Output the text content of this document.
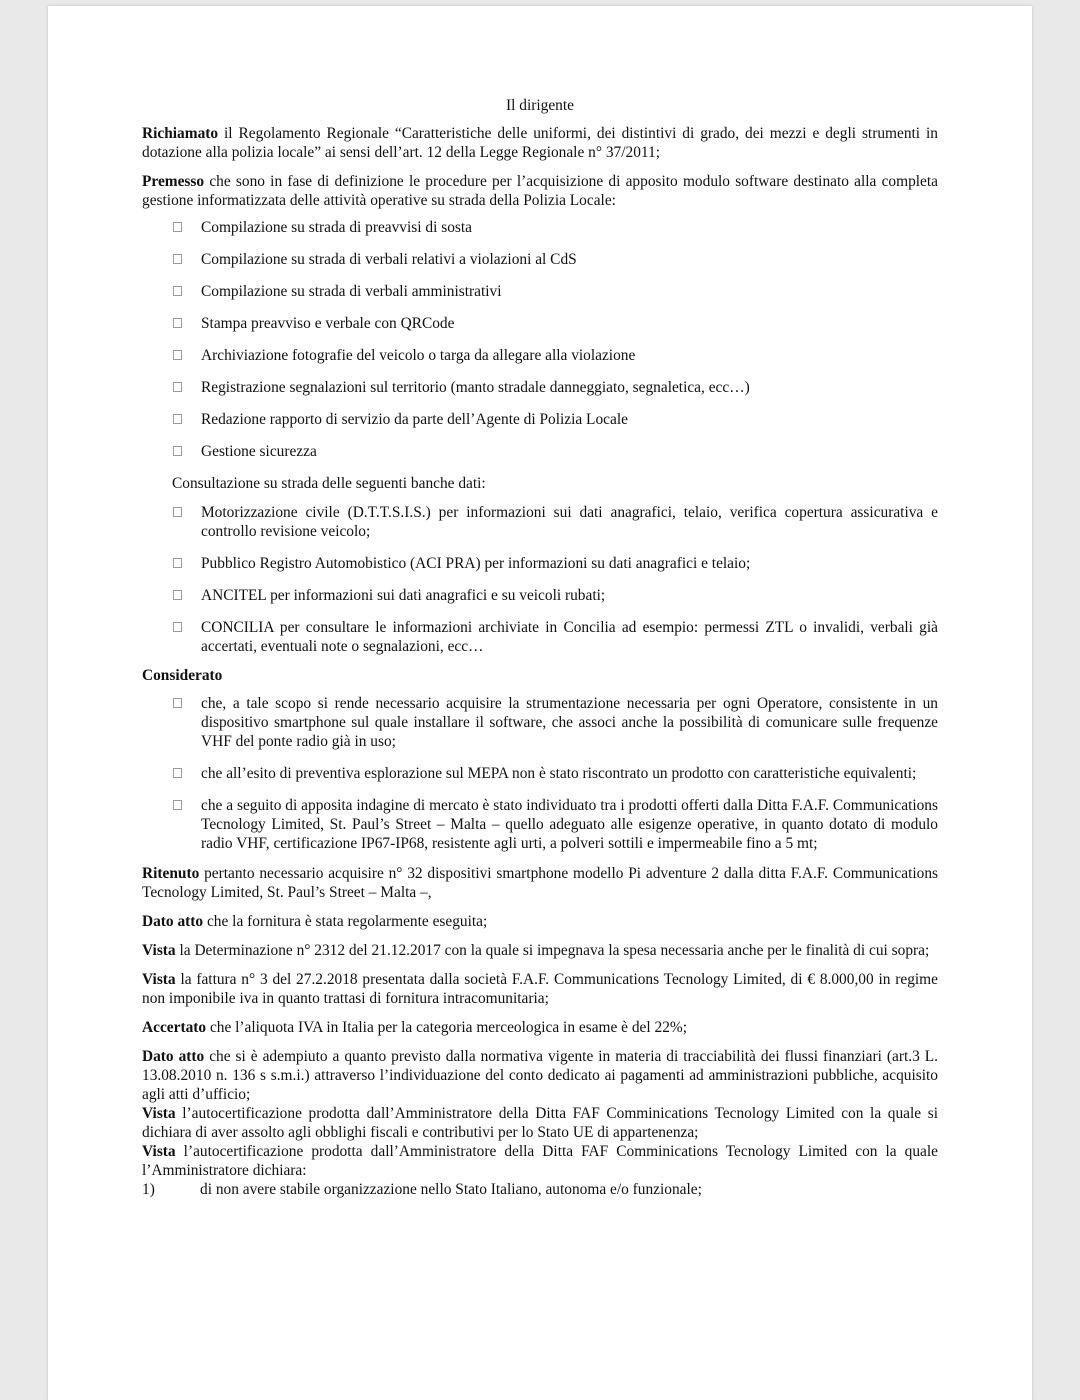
Il dirigente

Richiamato il Regolamento Regionale “Caratteristiche delle uniformi, dei distintivi di grado, dei mezzi e degli strumenti in dotazione alla polizia locale” ai sensi dell’art. 12 della Legge Regionale n° 37/2011;

Premesso che sono in fase di definizione le procedure per l’acquisizione di apposito modulo software destinato alla completa gestione informatizzata delle attività operative su strada della Polizia Locale:

Compilazione su strada di preavvisi di sosta
Compilazione su strada di verbali relativi a violazioni al CdS
Compilazione su strada di verbali amministrativi
Stampa preavviso e verbale con QRCode
Archiviazione fotografie del veicolo o targa da allegare alla violazione
Registrazione segnalazioni sul territorio (manto stradale danneggiato, segnaletica, ecc…)
Redazione rapporto di servizio da parte dell’Agente di Polizia Locale
Gestione sicurezza

Consultazione su strada delle seguenti banche dati:

Motorizzazione civile (D.T.T.S.I.S.) per informazioni sui dati anagrafici, telaio, verifica copertura assicurativa e controllo revisione veicolo;
Pubblico Registro Automobistico (ACI PRA) per informazioni su dati anagrafici e telaio;
ANCITEL per informazioni sui dati anagrafici e su veicoli rubati;
CONCILIA per consultare le informazioni archiviate in Concilia ad esempio: permessi ZTL o invalidi, verbali già accertati, eventuali note o segnalazioni, ecc…

Considerato

che, a tale scopo si rende necessario acquisire la strumentazione necessaria per ogni Operatore, consistente in un dispositivo smartphone sul quale installare il software, che associ anche la possibilità di comunicare sulle frequenze VHF del ponte radio già in uso;
che all’esito di preventiva esplorazione sul MEPA non è stato riscontrato un prodotto con caratteristiche equivalenti;
che a seguito di apposita indagine di mercato è stato individuato tra i prodotti offerti dalla Ditta F.A.F. Communications Tecnology Limited, St. Paul’s Street – Malta – quello adeguato alle esigenze operative, in quanto dotato di modulo radio VHF, certificazione IP67-IP68, resistente agli urti, a polveri sottili e impermeabile fino a 5 mt;

Ritenuto pertanto necessario acquisire n° 32 dispositivi smartphone modello Pi adventure 2 dalla ditta F.A.F. Communications Tecnology Limited, St. Paul’s Street – Malta –,

Dato atto che la fornitura è stata regolarmente eseguita;

Vista la Determinazione n° 2312 del 21.12.2017 con la quale si impegnava la spesa necessaria anche per le finalità di cui sopra;

Vista la fattura n° 3 del 27.2.2018 presentata dalla società F.A.F. Communications Tecnology Limited, di € 8.000,00 in regime non imponibile iva in quanto trattasi di fornitura intracomunitaria;

Accertato che l’aliquota IVA in Italia per la categoria merceologica in esame è del 22%;

Dato atto che si è adempiuto a quanto previsto dalla normativa vigente in materia di tracciabilità dei flussi finanziari (art.3 L. 13.08.2010 n. 136 s s.m.i.) attraverso l’individuazione del conto dedicato ai pagamenti ad amministrazioni pubbliche, acquisito agli atti d’ufficio;

Vista l’autocertificazione prodotta dall’Amministratore della Ditta FAF Comminications Tecnology Limited con la quale si dichiara di aver assolto agli obblighi fiscali e contributivi per lo Stato UE di appartenenza;

Vista l’autocertificazione prodotta dall’Amministratore della Ditta FAF Comminications Tecnology Limited con la quale l’Amministratore dichiara:

1)	di non avere stabile organizzazione nello Stato Italiano, autonoma e/o funzionale;
